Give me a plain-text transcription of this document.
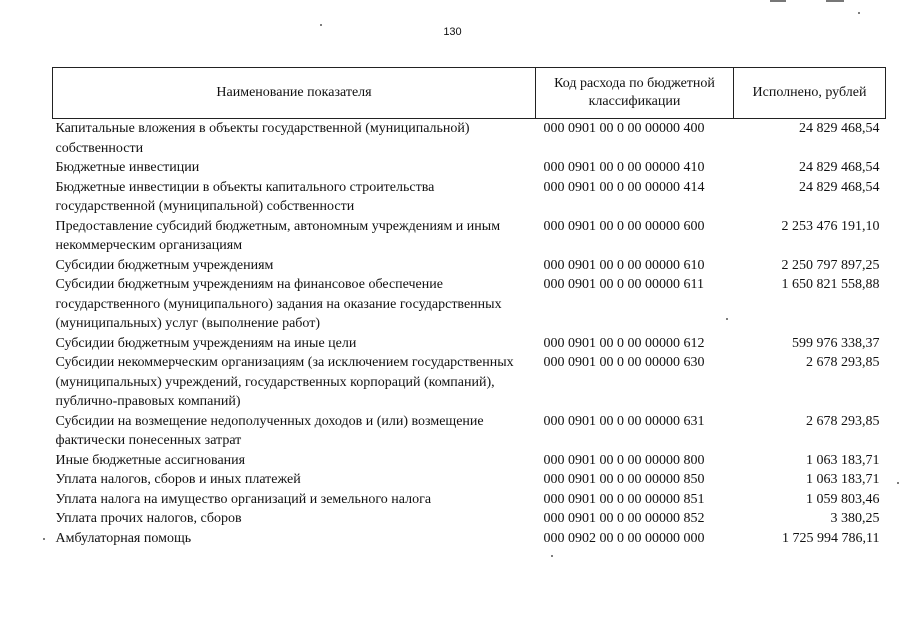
130
Наименование показателя	Код расхода по бюджетной классификации	Исполнено, рублей
Капитальные вложения в объекты государственной (муниципальной) собственности	000 0901 00 0 00 00000 400	24 829 468,54
Бюджетные инвестиции	000 0901 00 0 00 00000 410	24 829 468,54
Бюджетные инвестиции в объекты капитального строительства государственной (муниципальной) собственности	000 0901 00 0 00 00000 414	24 829 468,54
Предоставление субсидий бюджетным, автономным учреждениям и иным некоммерческим организациям	000 0901 00 0 00 00000 600	2 253 476 191,10
Субсидии бюджетным учреждениям	000 0901 00 0 00 00000 610	2 250 797 897,25
Субсидии бюджетным учреждениям на финансовое обеспечение государственного (муниципального) задания на оказание государственных (муниципальных) услуг (выполнение работ)	000 0901 00 0 00 00000 611	1 650 821 558,88
Субсидии бюджетным учреждениям на иные цели	000 0901 00 0 00 00000 612	599 976 338,37
Субсидии некоммерческим организациям (за исключением государственных (муниципальных) учреждений, государственных корпораций (компаний), публично-правовых компаний)	000 0901 00 0 00 00000 630	2 678 293,85
Субсидии на возмещение недополученных доходов и (или) возмещение фактически понесенных затрат	000 0901 00 0 00 00000 631	2 678 293,85
Иные бюджетные ассигнования	000 0901 00 0 00 00000 800	1 063 183,71
Уплата налогов, сборов и иных платежей	000 0901 00 0 00 00000 850	1 063 183,71
Уплата налога на имущество организаций и земельного налога	000 0901 00 0 00 00000 851	1 059 803,46
Уплата прочих налогов, сборов	000 0901 00 0 00 00000 852	3 380,25
Амбулаторная помощь	000 0902 00 0 00 00000 000	1 725 994 786,11
